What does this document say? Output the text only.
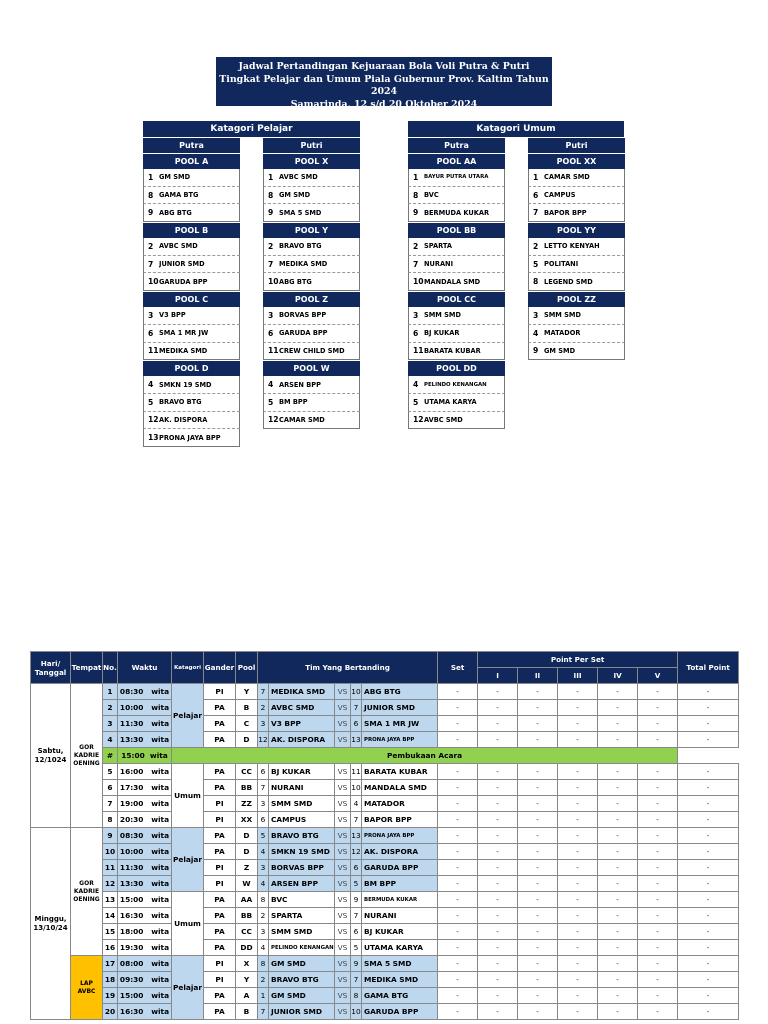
Jadwal Pertandingan Kejuaraan Bola Voli Putra & Putri
Tingkat Pelajar dan Umum Piala Gubernur Prov. Kaltim Tahun 2024
Samarinda, 12 s/d 20 Oktober 2024
Katagori Pelajar	Katagori Umum
Putra
POOL A
1 GM SMD
8 GAMA BTG
9 ABG BTG
POOL B
2 AVBC SMD
7 JUNIOR SMD
10 GARUDA BPP
POOL C
3 V3 BPP
6 SMA 1 MR JW
11 MEDIKA SMD
POOL D
4 SMKN 19 SMD
5 BRAVO BTG
12 AK. DISPORA
13 PRONA JAYA BPP
Putri
POOL X
1 AVBC SMD
8 GM SMD
9 SMA 5 SMD
POOL Y
2 BRAVO BTG
7 MEDIKA SMD
10 ABG BTG
POOL Z
3 BORVAS BPP
6 GARUDA BPP
11 CREW CHILD SMD
POOL W
4 ARSEN BPP
5 BM BPP
12 CAMAR SMD
Putra
POOL AA
1	BAYUR PUTRA UTARA
8 BVC
9 BERMUDA KUKAR
POOL BB
2 SPARTA
7 NURANI
10 MANDALA SMD
POOL CC
3 SMM SMD
6 BJ KUKAR
11 BARATA KUBAR
POOL DD
4	PELINDO KENANGAN
5 UTAMA KARYA
12 AVBC SMD
Putri
POOL XX
1 CAMAR SMD
6 CAMPUS
7 BAPOR BPP
POOL YY
2 LETTO KENYAH
5 POLITANI
8 LEGEND SMD
POOL ZZ
3 SMM SMD
4 MATADOR
9 GM SMD
Hari/ Tanggal	Tempat	No.	Waktu	Katagori	Gander	Pool	Tim Yang Bertanding					Set	Point Per Set					Total Point
													I	II	III	IV	V	
Sabtu, 12/1024	GOR KADRIE OENING	1	08:30 wita	Pelajar	PI	Y	7	MEDIKA SMD	VS	10	ABG BTG	-	-	-	-	-	-	-
		2	10:00 wita		PA	B	2	AVBC SMD	VS	7	JUNIOR SMD	-	-	-	-	-	-	-
		3	11:30 wita		PA	C	3	V3 BPP	VS	6	SMA 1 MR JW	-	-	-	-	-	-	-
		4	13:30 wita		PA	D	12	AK. DISPORA	VS	13	PRONA JAYA BPP	-	-	-	-	-	-	-
		#	15:00 wita	Pembukaan Acara														
		5	16:00 wita	Umum	PA	CC	6	BJ KUKAR	VS	11	BARATA KUBAR	-	-	-	-	-	-	-
		6	17:30 wita		PA	BB	7	NURANI	VS	10	MANDALA SMD	-	-	-	-	-	-	-
		7	19:00 wita		PI	ZZ	3	SMM SMD	VS	4	MATADOR	-	-	-	-	-	-	-
		8	20:30 wita		PI	XX	6	CAMPUS	VS	7	BAPOR BPP	-	-	-	-	-	-	-
Minggu, 13/10/24	GOR KADRIE OENING	9	08:30 wita	Pelajar	PA	D	5	BRAVO BTG	VS	13	PRONA JAYA BPP	-	-	-	-	-	-	-
		10	10:00 wita		PA	D	4	SMKN 19 SMD	VS	12	AK. DISPORA	-	-	-	-	-	-	-
		11	11:30 wita		PI	Z	3	BORVAS BPP	VS	6	GARUDA BPP	-	-	-	-	-	-	-
		12	13:30 wita		PI	W	4	ARSEN BPP	VS	5	BM BPP	-	-	-	-	-	-	-
		13	15:00 wita	Umum	PA	AA	8	BVC	VS	9	BERMUDA KUKAR	-	-	-	-	-	-	-
		14	16:30 wita		PA	BB	2	SPARTA	VS	7	NURANI	-	-	-	-	-	-	-
		15	18:00 wita		PA	CC	3	SMM SMD	VS	6	BJ KUKAR	-	-	-	-	-	-	-
		16	19:30 wita		PA	DD	4	PELINDO KENANGAN	VS	5	UTAMA KARYA	-	-	-	-	-	-	-
	LAP AVBC	17	08:00 wita	Pelajar	PI	X	8	GM SMD	VS	9	SMA 5 SMD	-	-	-	-	-	-	-
		18	09:30 wita		PI	Y	2	BRAVO BTG	VS	7	MEDIKA SMD	-	-	-	-	-	-	-
		19	15:00 wita		PA	A	1	GM SMD	VS	8	GAMA BTG	-	-	-	-	-	-	-
		20	16:30 wita		PA	B	7	JUNIOR SMD	VS	10	GARUDA BPP	-	-	-	-	-	-	-
